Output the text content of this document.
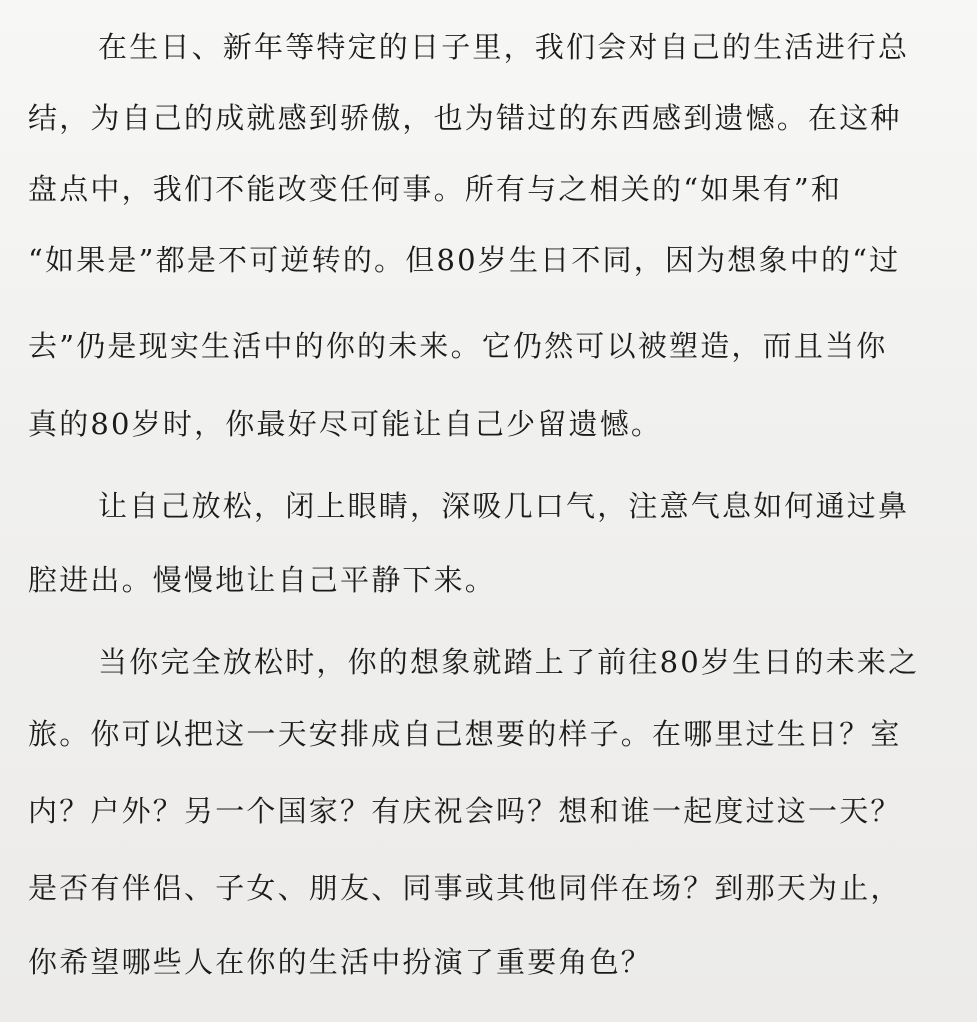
在生日、新年等特定的日子里，我们会对自己的生活进行总
结，为自己的成就感到骄傲，也为错过的东西感到遗憾。在这种
盘点中，我们不能改变任何事。所有与之相关的“如果有”和
“如果是”都是不可逆转的。但80岁生日不同，因为想象中的“过
去”仍是现实生活中的你的未来。它仍然可以被塑造，而且当你
真的80岁时，你最好尽可能让自己少留遗憾。
让自己放松，闭上眼睛，深吸几口气，注意气息如何通过鼻
腔进出。慢慢地让自己平静下来。
当你完全放松时，你的想象就踏上了前往80岁生日的未来之
旅。你可以把这一天安排成自己想要的样子。在哪里过生日？室
内？户外？另一个国家？有庆祝会吗？想和谁一起度过这一天？
是否有伴侣、子女、朋友、同事或其他同伴在场？到那天为止，
你希望哪些人在你的生活中扮演了重要角色？
